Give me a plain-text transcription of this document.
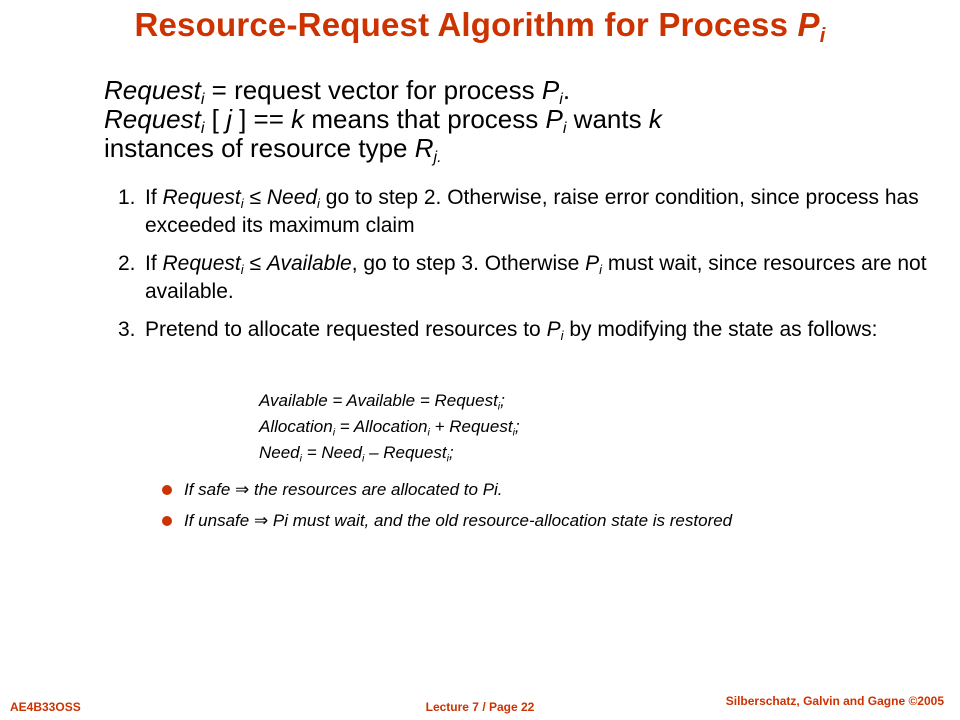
Resource-Request Algorithm for Process $P_i$
Request$_i$ = request vector for process $P_i$.
Request$_i$ [ j ] == k means that process $P_i$ wants k
instances of resource type $R_{j.}$
1. If Request$_i$ ≤ Need$_i$ go to step 2. Otherwise, raise error condition, since process has exceeded its maximum claim
2. If Request$_i$ ≤ Available, go to step 3. Otherwise $P_i$ must wait, since resources are not available.
3. Pretend to allocate requested resources to $P_i$ by modifying the state as follows:
Available = Available = Request$_i$;
Allocation$_i$ = Allocation$_i$ + Request$_i$;
Need$_i$ = Need$_i$ – Request$_i$;
If safe ⇒ the resources are allocated to Pi.
If unsafe ⇒ Pi must wait, and the old resource-allocation state is restored
AE4B33OSS	Lecture 7 / Page 22	Silberschatz, Galvin and Gagne ©2005
